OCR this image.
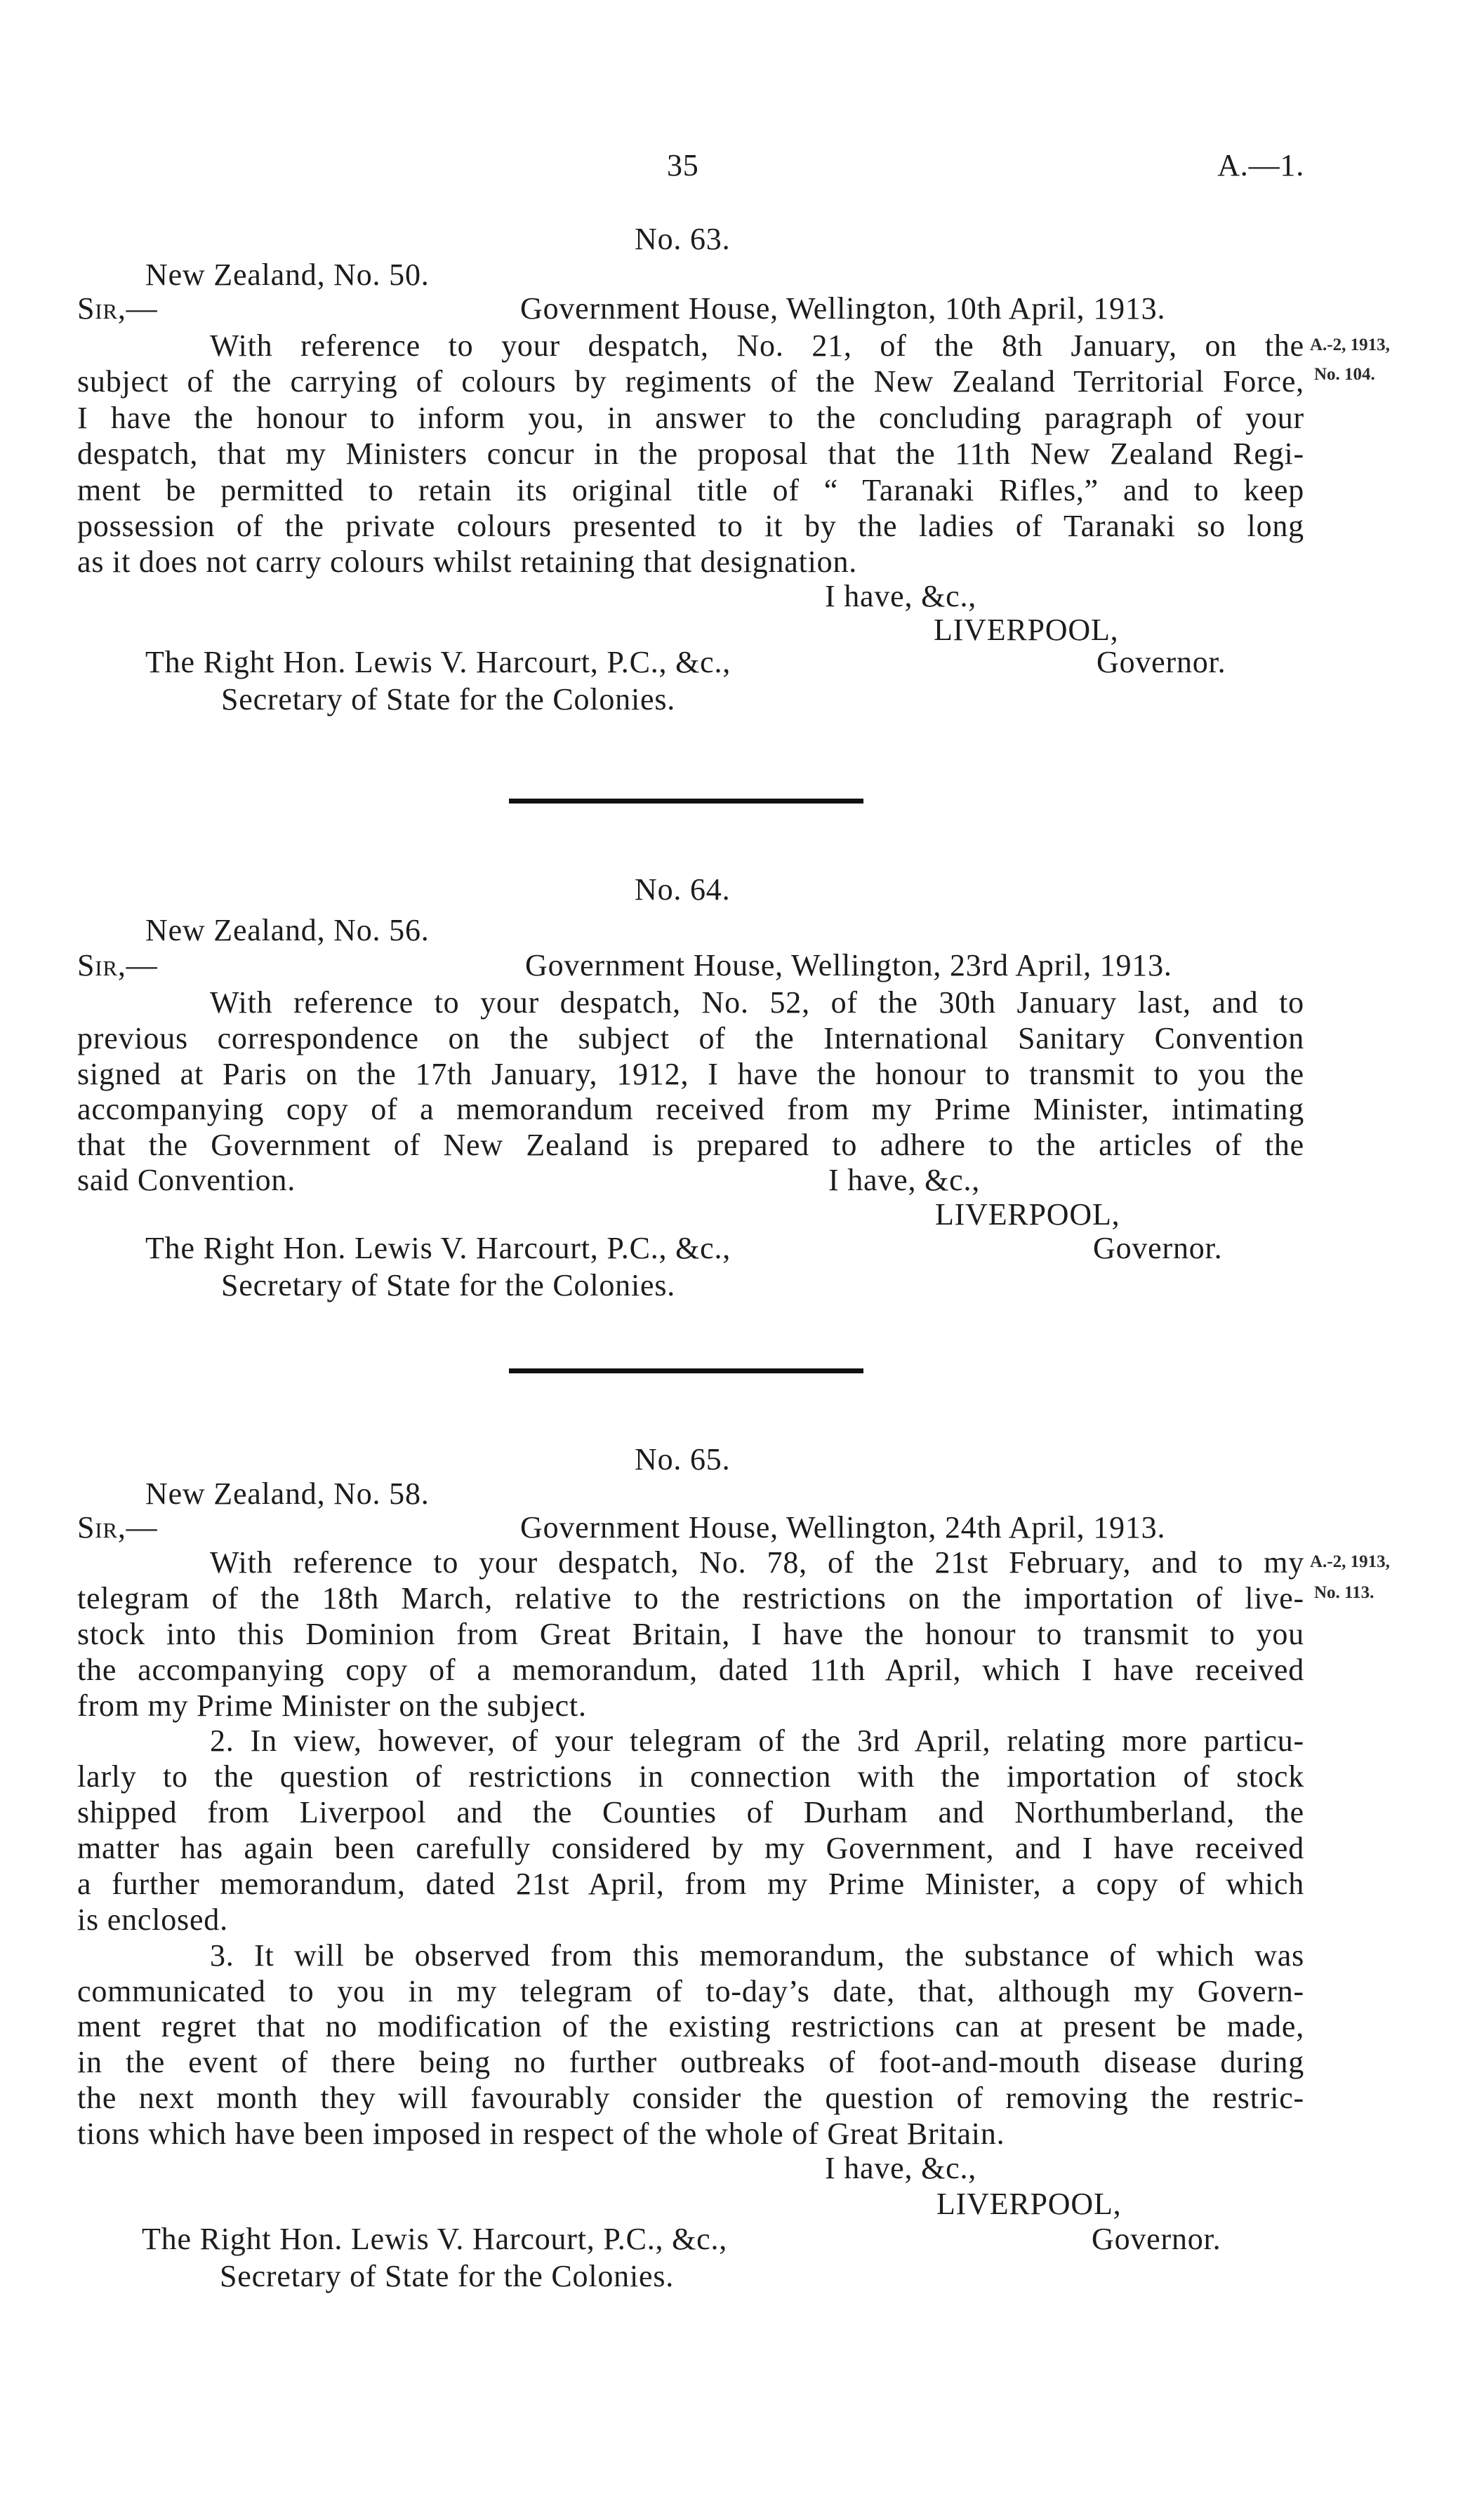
35	A.—1.
No. 63.
New Zealand, No. 50.
Sir,—	Government House, Wellington, 10th April, 1913.
A.-2, 1913,
No. 104.
With reference to your despatch, No. 21, of the 8th January, on the
subject of the carrying of colours by regiments of the New Zealand Territorial Force,
I have the honour to inform you, in answer to the concluding paragraph of your
despatch, that my Ministers concur in the proposal that the 11th New Zealand Regi-
ment be permitted to retain its original title of “ Taranaki Rifles,” and to keep
possession of the private colours presented to it by the ladies of Taranaki so long
as it does not carry colours whilst retaining that designation.
I have, &c.,
LIVERPOOL,
The Right Hon. Lewis V. Harcourt, P.C., &c.,	Governor.
Secretary of State for the Colonies.
No. 64.
New Zealand, No. 56.
Sir,—	Government House, Wellington, 23rd April, 1913.
With reference to your despatch, No. 52, of the 30th January last, and to
previous correspondence on the subject of the International Sanitary Convention
signed at Paris on the 17th January, 1912, I have the honour to transmit to you the
accompanying copy of a memorandum received from my Prime Minister, intimating
that the Government of New Zealand is prepared to adhere to the articles of the
said Convention.	I have, &c.,
LIVERPOOL,
The Right Hon. Lewis V. Harcourt, P.C., &c.,	Governor.
Secretary of State for the Colonies.
No. 65.
New Zealand, No. 58.
Sir,—	Government House, Wellington, 24th April, 1913.
A.-2, 1913,
No. 113.
With reference to your despatch, No. 78, of the 21st February, and to my
telegram of the 18th March, relative to the restrictions on the importation of live-
stock into this Dominion from Great Britain, I have the honour to transmit to you
the accompanying copy of a memorandum, dated 11th April, which I have received
from my Prime Minister on the subject.
2. In view, however, of your telegram of the 3rd April, relating more particu-
larly to the question of restrictions in connection with the importation of stock
shipped from Liverpool and the Counties of Durham and Northumberland, the
matter has again been carefully considered by my Government, and I have received
a further memorandum, dated 21st April, from my Prime Minister, a copy of which
is enclosed.
3. It will be observed from this memorandum, the substance of which was
communicated to you in my telegram of to-day’s date, that, although my Govern-
ment regret that no modification of the existing restrictions can at present be made,
in the event of there being no further outbreaks of foot-and-mouth disease during
the next month they will favourably consider the question of removing the restric-
tions which have been imposed in respect of the whole of Great Britain.
I have, &c.,
LIVERPOOL,
The Right Hon. Lewis V. Harcourt, P.C., &c.,	Governor.
Secretary of State for the Colonies.
